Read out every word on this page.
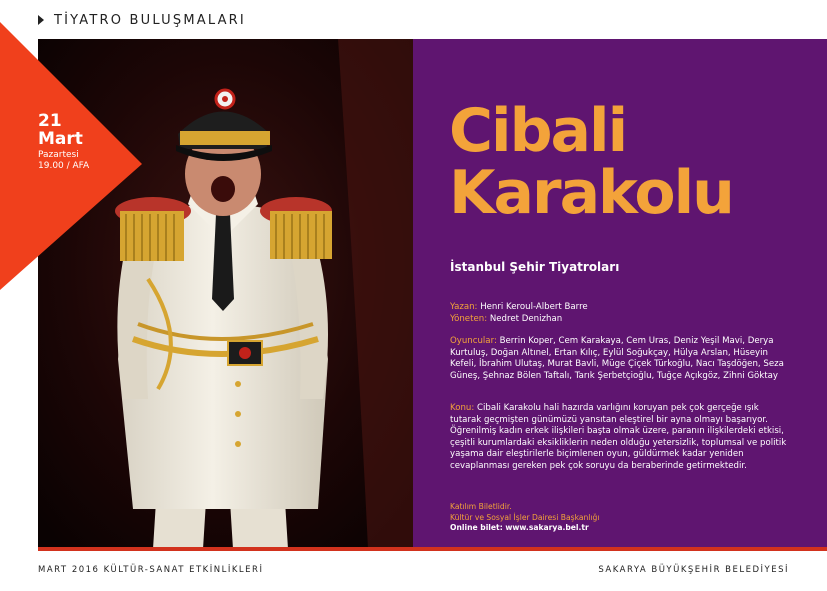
TİYATRO BULUŞMALARI
21
Mart
Pazartesi
19.00 / AFA	Cibali
Karakolu
İstanbul Şehir Tiyatroları
Yazan: Henri Keroul-Albert Barre
Yöneten: Nedret Denizhan
Oyuncular: Berrin Koper, Cem Karakaya, Cem Uras, Deniz Yeşil Mavi, Derya Kurtuluş, Doğan Altınel, Ertan Kılıç, Eylül Soğukçay, Hülya Arslan, Hüseyin Kefeli, İbrahim Ulutaş, Murat Bavli, Müge Çiçek Türkoğlu, Nacı Taşdöğen, Seza Güneş, Şehnaz Bölen Taftalı, Tarık Şerbetçioğlu, Tuğçe Açıkgöz, Zihni Göktay
Konu: Cibali Karakolu hali hazırda varlığını koruyan pek çok gerçeğe ışık tutarak geçmişten günümüzü yansıtan eleştirel bir ayna olmayı başarıyor. Öğrenilmiş kadın erkek ilişkileri başta olmak üzere, paranın ilişkilerdeki etkisi, çeşitli kurumlardaki eksikliklerin neden olduğu yetersizlik, toplumsal ve politik yaşama dair eleştirilerle biçimlenen oyun, güldürmek kadar yeniden cevaplanması gereken pek çok soruyu da beraberinde getirmektedir.
Katılım Biletlidir.
Kültür ve Sosyal İşler Dairesi Başkanlığı
Online bilet: www.sakarya.bel.tr
MART 2016 KÜLTÜR-SANAT ETKİNLİKLERİ	SAKARYA BÜYÜKŞEHİR BELEDİYESİ
